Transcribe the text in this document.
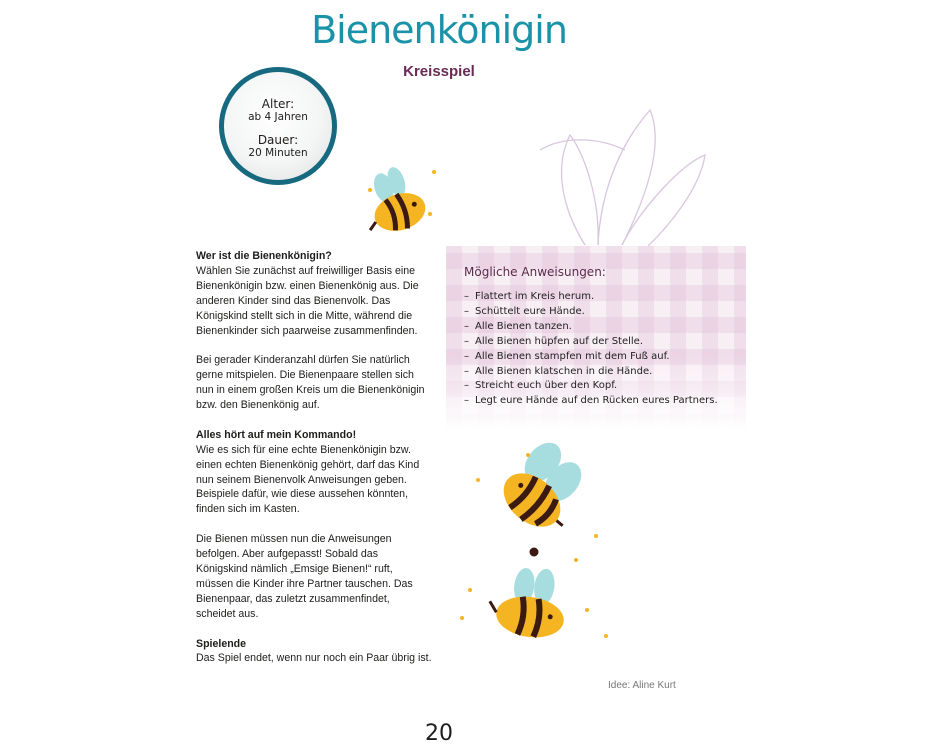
Bienenkönigin
Kreisspiel
Alter:
ab 4 Jahren
Dauer:
20 Minuten

Wer ist die Bienenkönigin?
Wählen Sie zunächst auf freiwilliger Basis eine Bienenkönigin bzw. einen Bienenkönig aus. Die anderen Kinder sind das Bienenvolk. Das Königskind stellt sich in die Mitte, während die Bienenkinder sich paarweise zusammenfinden.

Bei gerader Kinderanzahl dürfen Sie natürlich gerne mitspielen. Die Bienenpaare stellen sich nun in einem großen Kreis um die Bienenkönigin bzw. den Bienenkönig auf.

Alles hört auf mein Kommando!
Wie es sich für eine echte Bienenkönigin bzw. einen echten Bienenkönig gehört, darf das Kind nun seinem Bienenvolk Anweisungen geben. Beispiele dafür, wie diese aussehen könnten, finden sich im Kasten.

Die Bienen müssen nun die Anweisungen befolgen. Aber aufgepasst! Sobald das Königskind nämlich „Emsige Bienen!“ ruft, müssen die Kinder ihre Partner tauschen. Das Bienenpaar, das zuletzt zusammenfindet, scheidet aus.

Spielende
Das Spiel endet, wenn nur noch ein Paar übrig ist.

Mögliche Anweisungen:
– Flattert im Kreis herum.
– Schüttelt eure Hände.
– Alle Bienen tanzen.
– Alle Bienen hüpfen auf der Stelle.
– Alle Bienen stampfen mit dem Fuß auf.
– Alle Bienen klatschen in die Hände.
– Streicht euch über den Kopf.
– Legt eure Hände auf den Rücken eures Partners.
Idee: Aline Kurt
20
